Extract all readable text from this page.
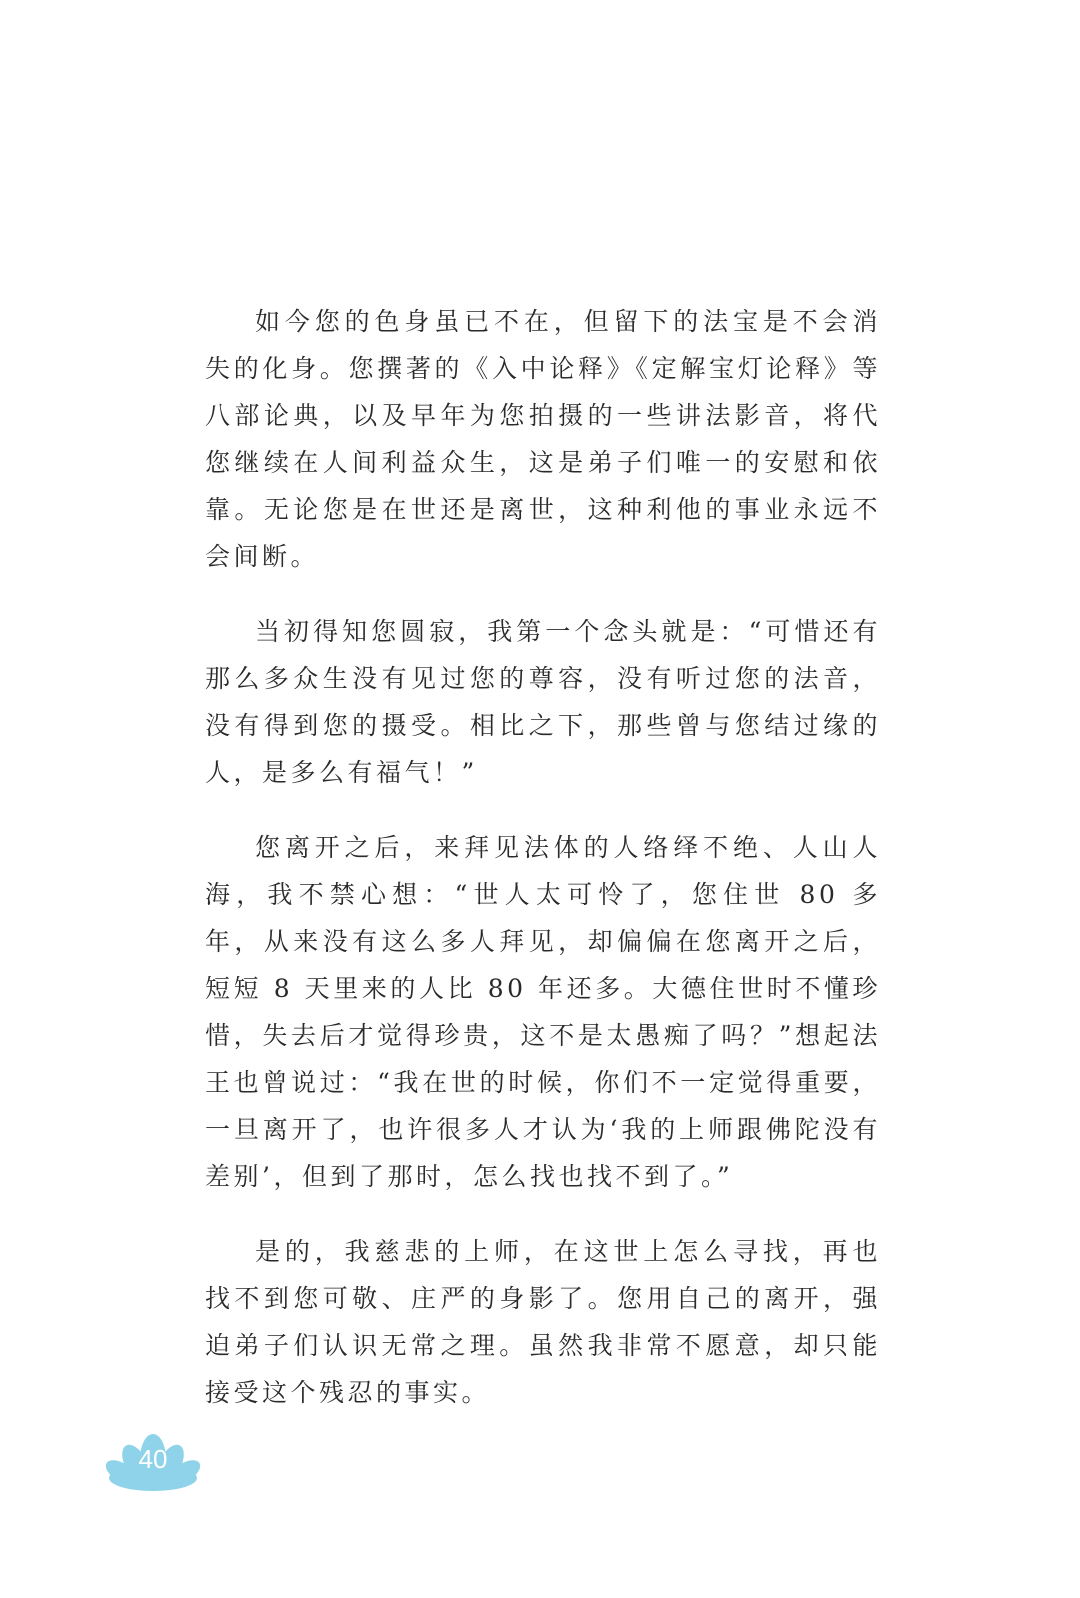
如今您的色身虽已不在，但留下的法宝是不会消失的化身。您撰著的《入中论释》《定解宝灯论释》等八部论典，以及早年为您拍摄的一些讲法影音，将代您继续在人间利益众生，这是弟子们唯一的安慰和依靠。无论您是在世还是离世，这种利他的事业永远不会间断。

当初得知您圆寂，我第一个念头就是：“可惜还有那么多众生没有见过您的尊容，没有听过您的法音，没有得到您的摄受。相比之下，那些曾与您结过缘的人，是多么有福气！”

您离开之后，来拜见法体的人络绎不绝、人山人海，我不禁心想：“世人太可怜了，您住世 80 多年，从来没有这么多人拜见，却偏偏在您离开之后，短短 8 天里来的人比 80 年还多。大德住世时不懂珍惜，失去后才觉得珍贵，这不是太愚痴了吗？”想起法王也曾说过：“我在世的时候，你们不一定觉得重要，一旦离开了，也许很多人才认为‘我的上师跟佛陀没有差别’，但到了那时，怎么找也找不到了。”

是的，我慈悲的上师，在这世上怎么寻找，再也找不到您可敬、庄严的身影了。您用自己的离开，强迫弟子们认识无常之理。虽然我非常不愿意，却只能接受这个残忍的事实。

40
